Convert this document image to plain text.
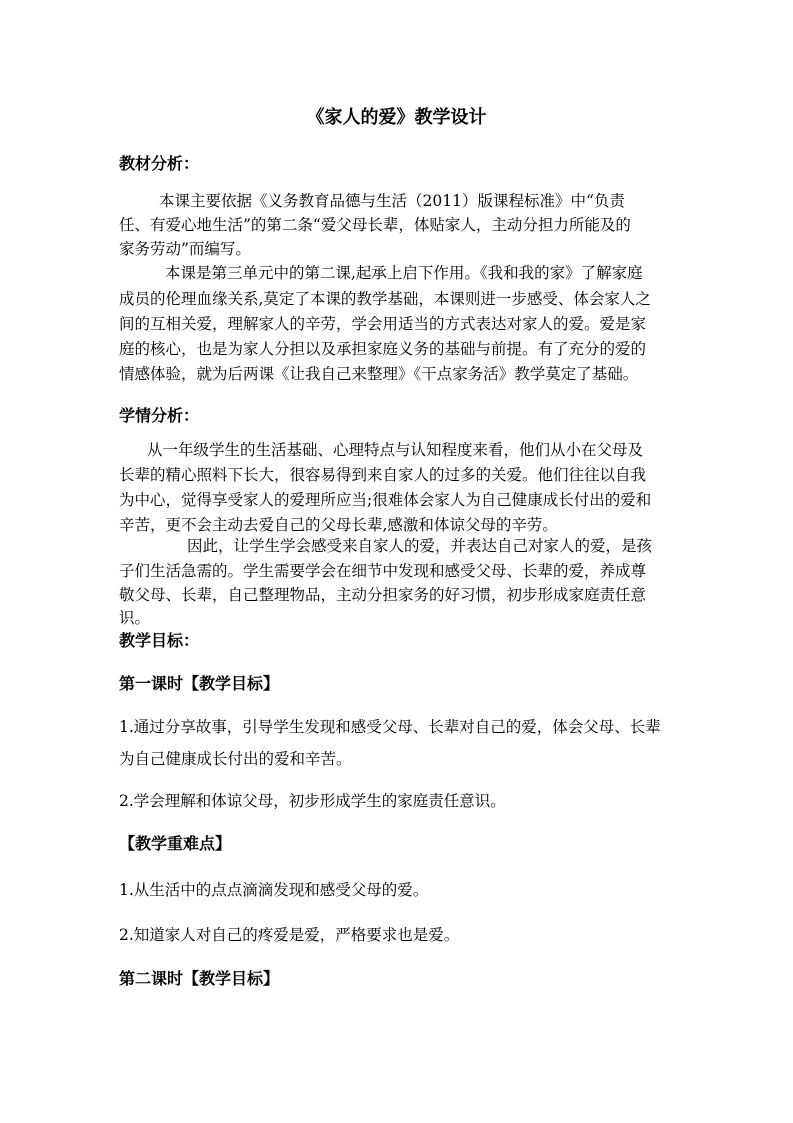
《家人的爱》教学设计
教材分析：
本课主要依据《义务教育品德与生活（2011）版课程标准》中“负责
任、有爱心地生活”的第二条“爱父母长辈，体贴家人，主动分担力所能及的
家务劳动”而编写。
本课是第三单元中的第二课,起承上启下作用。《我和我的家》了解家庭
成员的伦理血缘关系,莫定了本课的教学基础，本课则进一步感受、体会家人之
间的互相关爱，理解家人的辛劳，学会用适当的方式表达对家人的爱。爱是家
庭的核心，也是为家人分担以及承担家庭义务的基础与前提。有了充分的爱的
情感体验，就为后两课《让我自己来整理》《干点家务活》教学莫定了基础。
学情分析：
从一年级学生的生活基础、心理特点与认知程度来看，他们从小在父母及
长辈的精心照料下长大，很容易得到来自家人的过多的关爱。他们往往以自我
为中心，觉得享受家人的爱理所应当;很难体会家人为自己健康成长付出的爱和
辛苦，更不会主动去爱自己的父母长辈,感激和体谅父母的辛劳。
因此，让学生学会感受来自家人的爱，并表达自己对家人的爱，是孩
子们生活急需的。学生需要学会在细节中发现和感受父母、长辈的爱，养成尊
敬父母、长辈，自己整理物品，主动分担家务的好习惯，初步形成家庭责任意
识。
教学目标：
第一课时【教学目标】
1.通过分享故事，引导学生发现和感受父母、长辈对自己的爱，体会父母、长辈
为自己健康成长付出的爱和辛苦。
2.学会理解和体谅父母，初步形成学生的家庭责任意识。
【教学重难点】
1.从生活中的点点滴滴发现和感受父母的爱。
2.知道家人对自己的疼爱是爱，严格要求也是爱。
第二课时【教学目标】
